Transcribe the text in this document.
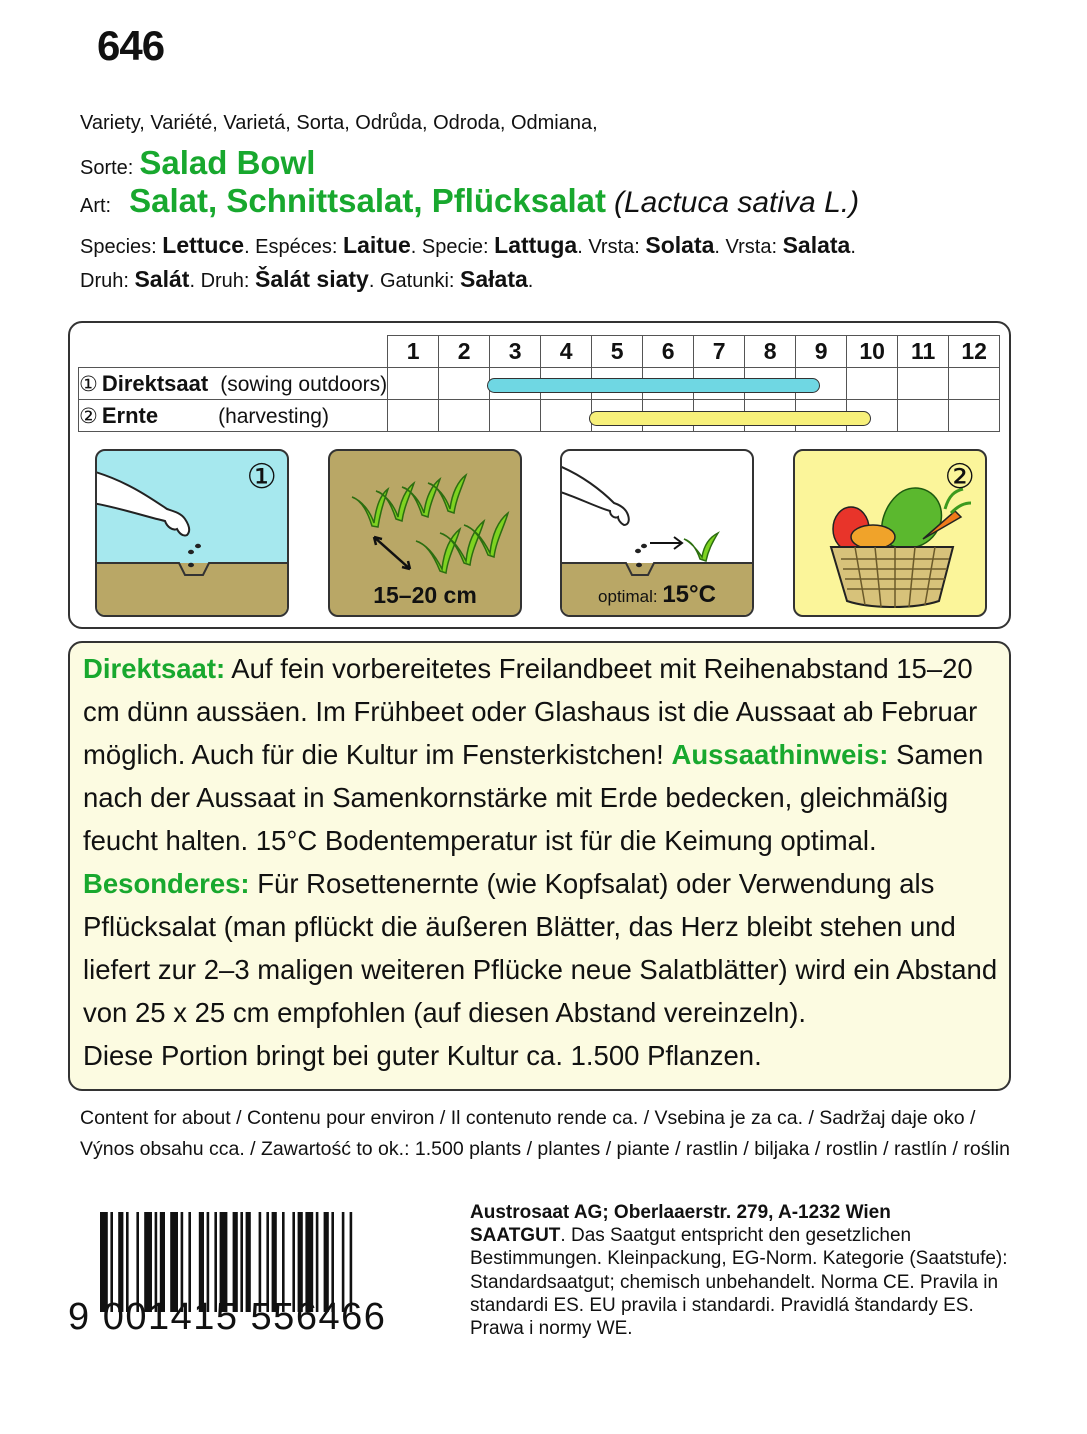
646
Variety, Variété, Varietá, Sorta, Odrůda, Odroda, Odmiana,
Sorte: Salad Bowl
Art: Salat, Schnittsalat, Pflücksalat (Lactuca sativa L.)
Species: Lettuce. Espéces: Laitue. Specie: Lattuga. Vrsta: Solata. Vrsta: Salata.
Druh: Salát. Druh: Šalát siaty. Gatunki: Sałata.
	1	2	3	4	5	6	7	8	9	10	11	12
① Direktsaat (sowing outdoors)												
② Ernte (harvesting)												
①
15–20 cm	optimal: 15°C
②
Direktsaat: Auf fein vorbereitetes Freilandbeet mit Reihenabstand 15–20 cm dünn aussäen. Im Frühbeet oder Glashaus ist die Aussaat ab Februar möglich. Auch für die Kultur im Fensterkistchen! Aussaathinweis: Samen nach der Aussaat in Samenkornstärke mit Erde bedecken, gleichmäßig feucht halten. 15°C Bodentemperatur ist für die Keimung optimal.
Besonderes: Für Rosettenernte (wie Kopfsalat) oder Verwendung als Pflücksalat (man pflückt die äußeren Blätter, das Herz bleibt stehen und liefert zur 2–3 maligen weiteren Pflücke neue Salatblätter) wird ein Abstand von 25 x 25 cm empfohlen (auf diesen Abstand vereinzeln).
Diese Portion bringt bei guter Kultur ca. 1.500 Pflanzen.
Content for about / Contenu pour environ / Il contenuto rende ca. / Vsebina je za ca. / Sadržaj daje oko /
Výnos obsahu cca. / Zawartość to ok.: 1.500 plants / plantes / piante / rastlin / biljaka / rostlin / rastlín / roślin
9 001415 556466
Austrosaat AG; Oberlaaerstr. 279, A-1232 Wien
SAATGUT. Das Saatgut entspricht den gesetzlichen Bestimmungen. Kleinpackung, EG-Norm. Kategorie (Saatstufe): Standardsaatgut; chemisch unbehandelt. Norma CE. Pravila in standardi ES. EU pravila i standardi. Pravidlá štandardy ES. Prawa i normy WE.
